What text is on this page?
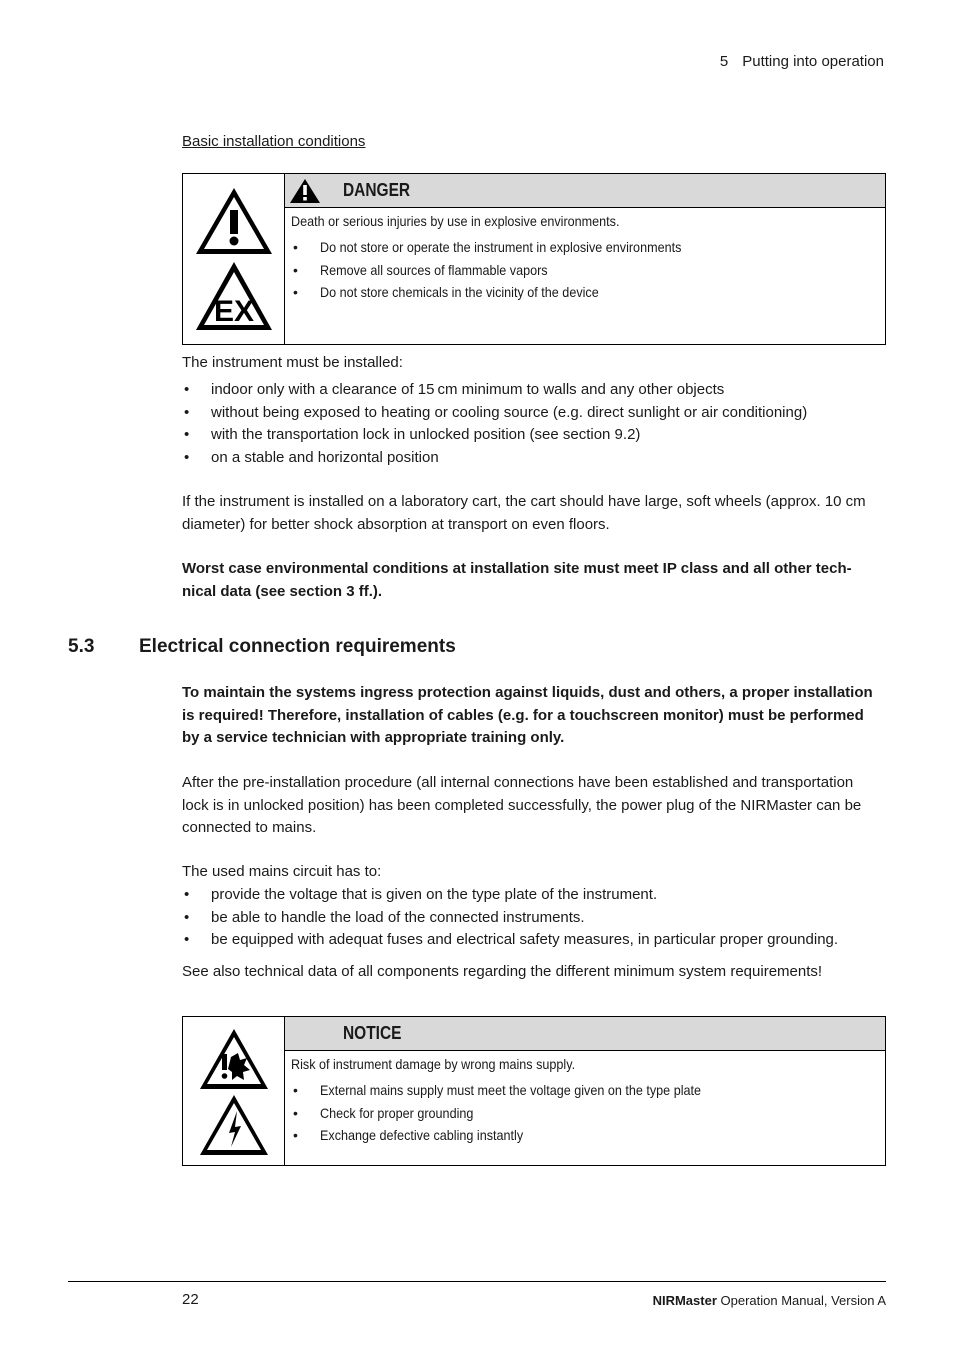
5 Putting into operation
Basic installation conditions
EX
DANGER

Death or serious injuries by use in explosive environments.

• Do not store or operate the instrument in explosive environments
• Remove all sources of flammable vapors
• Do not store chemicals in the vicinity of the device
The instrument must be installed:
• indoor only with a clearance of 15 cm minimum to walls and any other objects
• without being exposed to heating or cooling source (e.g. direct sunlight or air conditioning)
• with the transportation lock in unlocked position (see section 9.2)
• on a stable and horizontal position
If the instrument is installed on a laboratory cart, the cart should have large, soft wheels (approx. 10 cm diameter) for better shock absorption at transport on even floors.
Worst case environmental conditions at installation site must meet IP class and all other tech-nical data (see section 3 ff.).
5.3 Electrical connection requirements
To maintain the systems ingress protection against liquids, dust and others, a proper installation is required! Therefore, installation of cables (e.g. for a touchscreen monitor) must be performed by a service technician with appropriate training only.
After the pre-installation procedure (all internal connections have been established and transportation lock is in unlocked position) has been completed successfully, the power plug of the NIRMaster can be connected to mains.
The used mains circuit has to:
• provide the voltage that is given on the type plate of the instrument.
• be able to handle the load of the connected instruments.
• be equipped with adequat fuses and electrical safety measures, in particular proper grounding.
See also technical data of all components regarding the different minimum system requirements!
NOTICE

Risk of instrument damage by wrong mains supply.

• External mains supply must meet the voltage given on the type plate
• Check for proper grounding
• Exchange defective cabling instantly
22	NIRMaster Operation Manual, Version A
